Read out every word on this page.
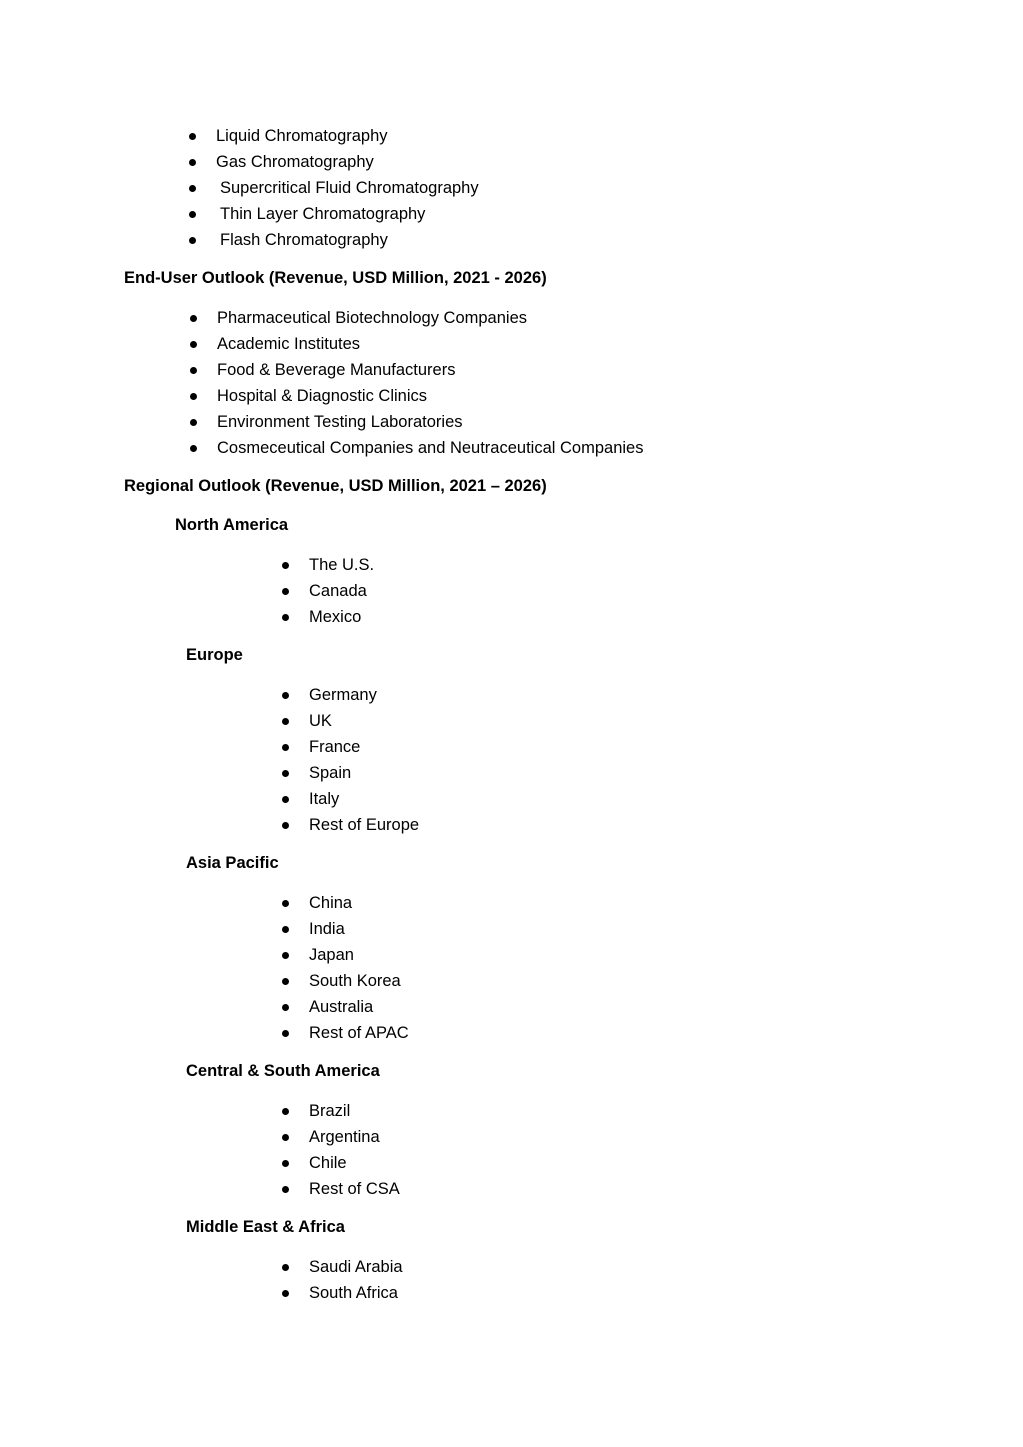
Liquid Chromatography
Gas Chromatography
Supercritical Fluid Chromatography
Thin Layer Chromatography
Flash Chromatography
End-User Outlook (Revenue, USD Million, 2021 - 2026)
Pharmaceutical Biotechnology Companies
Academic Institutes
Food & Beverage Manufacturers
Hospital & Diagnostic Clinics
Environment Testing Laboratories
Cosmeceutical Companies and Neutraceutical Companies
Regional Outlook (Revenue, USD Million, 2021 – 2026)
North America
The U.S.
Canada
Mexico
Europe
Germany
UK
France
Spain
Italy
Rest of Europe
Asia Pacific
China
India
Japan
South Korea
Australia
Rest of APAC
Central & South America
Brazil
Argentina
Chile
Rest of CSA
Middle East & Africa
Saudi Arabia
South Africa
